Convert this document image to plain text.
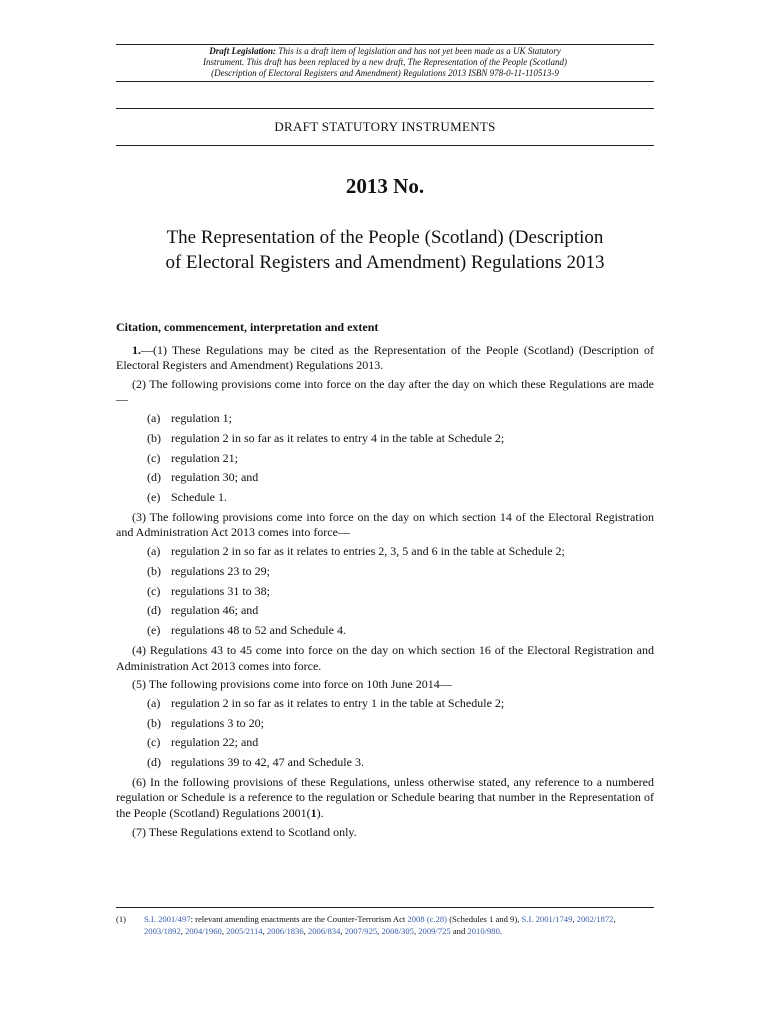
Draft Legislation: This is a draft item of legislation and has not yet been made as a UK Statutory
Instrument. This draft has been replaced by a new draft, The Representation of the People (Scotland)
(Description of Electoral Registers and Amendment) Regulations 2013 ISBN 978-0-11-110513-9
DRAFT STATUTORY INSTRUMENTS
2013 No.
The Representation of the People (Scotland) (Description
of Electoral Registers and Amendment) Regulations 2013
Citation, commencement, interpretation and extent

1.—(1) These Regulations may be cited as the Representation of the People (Scotland) (Description of Electoral Registers and Amendment) Regulations 2013.

(2) The following provisions come into force on the day after the day on which these Regulations are made—

(a) regulation 1;
(b) regulation 2 in so far as it relates to entry 4 in the table at Schedule 2;
(c) regulation 21;
(d) regulation 30; and
(e) Schedule 1.

(3) The following provisions come into force on the day on which section 14 of the Electoral Registration and Administration Act 2013 comes into force—

(a) regulation 2 in so far as it relates to entries 2, 3, 5 and 6 in the table at Schedule 2;
(b) regulations 23 to 29;
(c) regulations 31 to 38;
(d) regulation 46; and
(e) regulations 48 to 52 and Schedule 4.

(4) Regulations 43 to 45 come into force on the day on which section 16 of the Electoral Registration and Administration Act 2013 comes into force.

(5) The following provisions come into force on 10th June 2014—

(a) regulation 2 in so far as it relates to entry 1 in the table at Schedule 2;
(b) regulations 3 to 20;
(c) regulation 22; and
(d) regulations 39 to 42, 47 and Schedule 3.

(6) In the following provisions of these Regulations, unless otherwise stated, any reference to a numbered regulation or Schedule is a reference to the regulation or Schedule bearing that number in the Representation of the People (Scotland) Regulations 2001(1).

(7) These Regulations extend to Scotland only.

(1)	S.I. 2001/497: relevant amending enactments are the Counter-Terrorism Act 2008 (c.28) (Schedules 1 and 9), S.I. 2001/1749, 2002/1872, 2003/1892, 2004/1960, 2005/2114, 2006/1836, 2006/834, 2007/925, 2008/305, 2009/725 and 2010/980.
